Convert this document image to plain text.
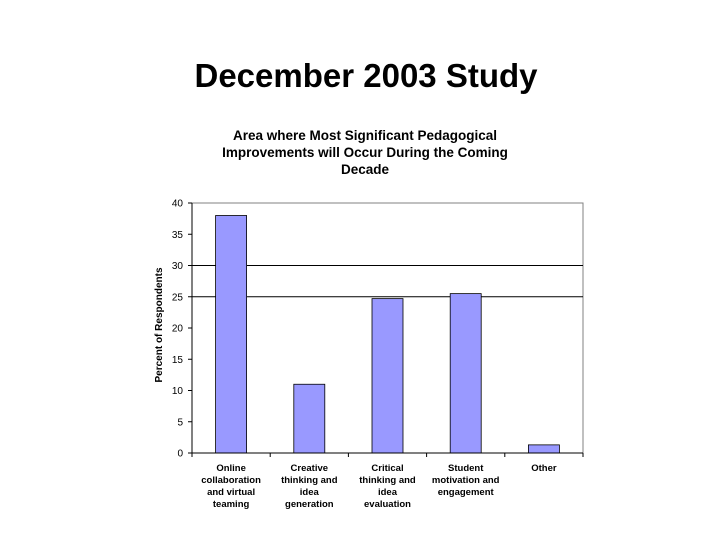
December 2003 Study
Area where Most Significant Pedagogical
Improvements will Occur During the Coming
Decade
0
5
10
15
20
25
30
35
40
Online
collaboration
and virtual
teaming
Creative
thinking and
idea
generation
Critical
thinking and
idea
evaluation
Student
motivation and
engagement
Other
Percent of Respondents
